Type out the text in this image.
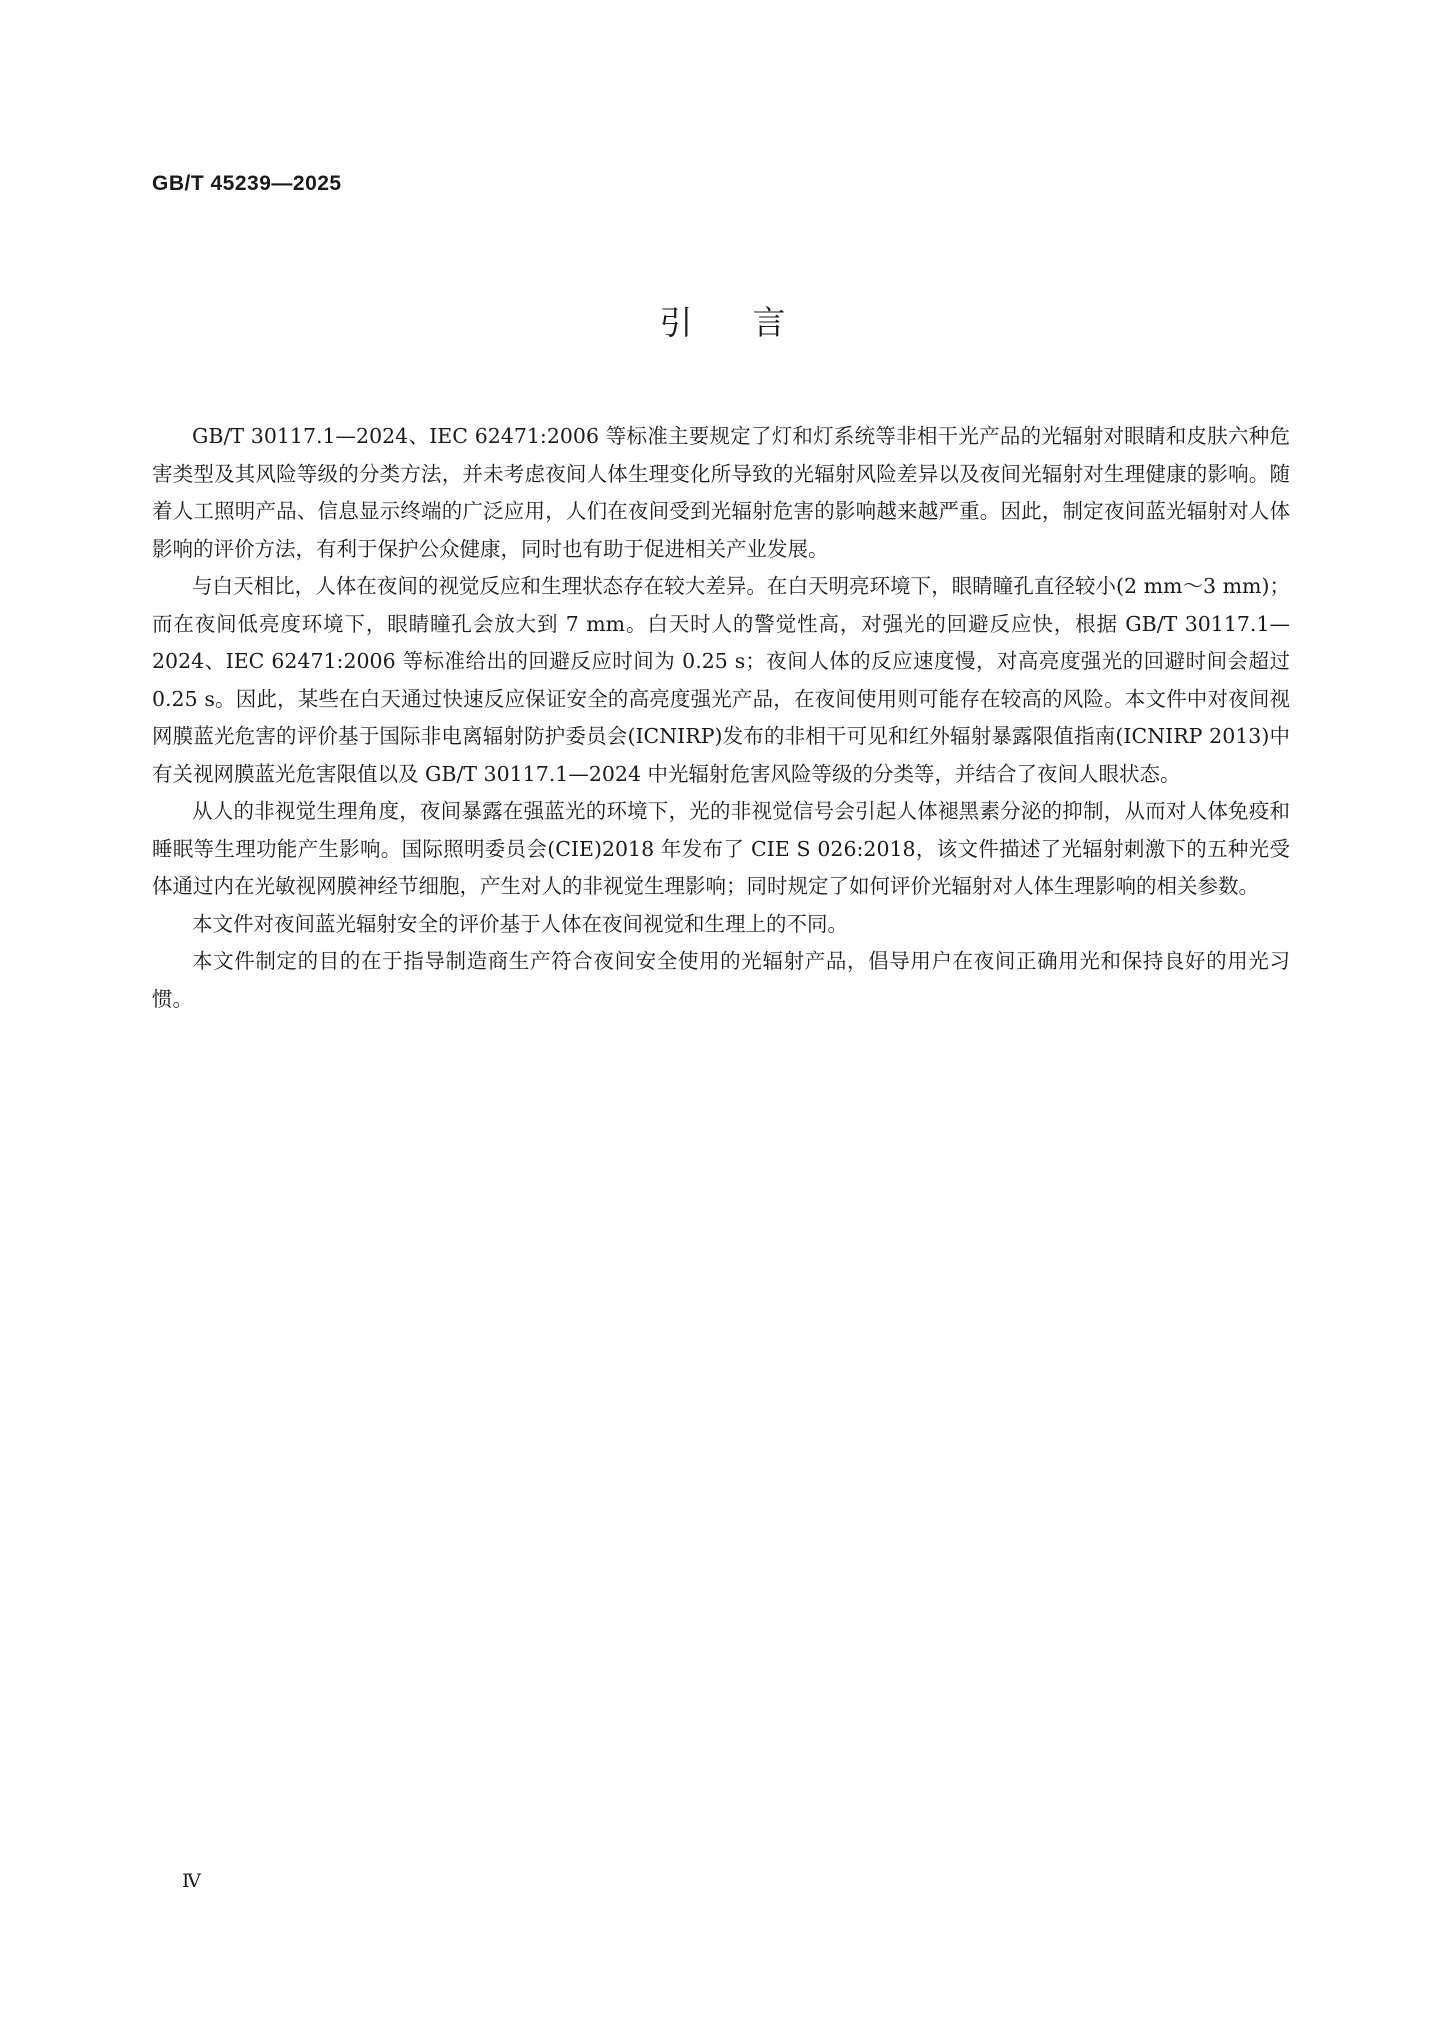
GB/T 45239—2025
引言

GB/T 30117.1—2024、IEC 62471:2006 等标准主要规定了灯和灯系统等非相干光产品的光辐射对眼睛和皮肤六种危害类型及其风险等级的分类方法，并未考虑夜间人体生理变化所导致的光辐射风险差异以及夜间光辐射对生理健康的影响。随着人工照明产品、信息显示终端的广泛应用，人们在夜间受到光辐射危害的影响越来越严重。因此，制定夜间蓝光辐射对人体影响的评价方法，有利于保护公众健康，同时也有助于促进相关产业发展。

与白天相比，人体在夜间的视觉反应和生理状态存在较大差异。在白天明亮环境下，眼睛瞳孔直径较小(2 mm～3 mm)；而在夜间低亮度环境下，眼睛瞳孔会放大到 7 mm。白天时人的警觉性高，对强光的回避反应快，根据 GB/T 30117.1—2024、IEC 62471:2006 等标准给出的回避反应时间为 0.25 s；夜间人体的反应速度慢，对高亮度强光的回避时间会超过 0.25 s。因此，某些在白天通过快速反应保证安全的高亮度强光产品，在夜间使用则可能存在较高的风险。本文件中对夜间视网膜蓝光危害的评价基于国际非电离辐射防护委员会(ICNIRP)发布的非相干可见和红外辐射暴露限值指南(ICNIRP 2013)中有关视网膜蓝光危害限值以及 GB/T 30117.1—2024 中光辐射危害风险等级的分类等，并结合了夜间人眼状态。

从人的非视觉生理角度，夜间暴露在强蓝光的环境下，光的非视觉信号会引起人体褪黑素分泌的抑制，从而对人体免疫和睡眠等生理功能产生影响。国际照明委员会(CIE)2018 年发布了 CIE S 026:2018，该文件描述了光辐射刺激下的五种光受体通过内在光敏视网膜神经节细胞，产生对人的非视觉生理影响；同时规定了如何评价光辐射对人体生理影响的相关参数。

本文件对夜间蓝光辐射安全的评价基于人体在夜间视觉和生理上的不同。

本文件制定的目的在于指导制造商生产符合夜间安全使用的光辐射产品，倡导用户在夜间正确用光和保持良好的用光习惯。

Ⅳ
